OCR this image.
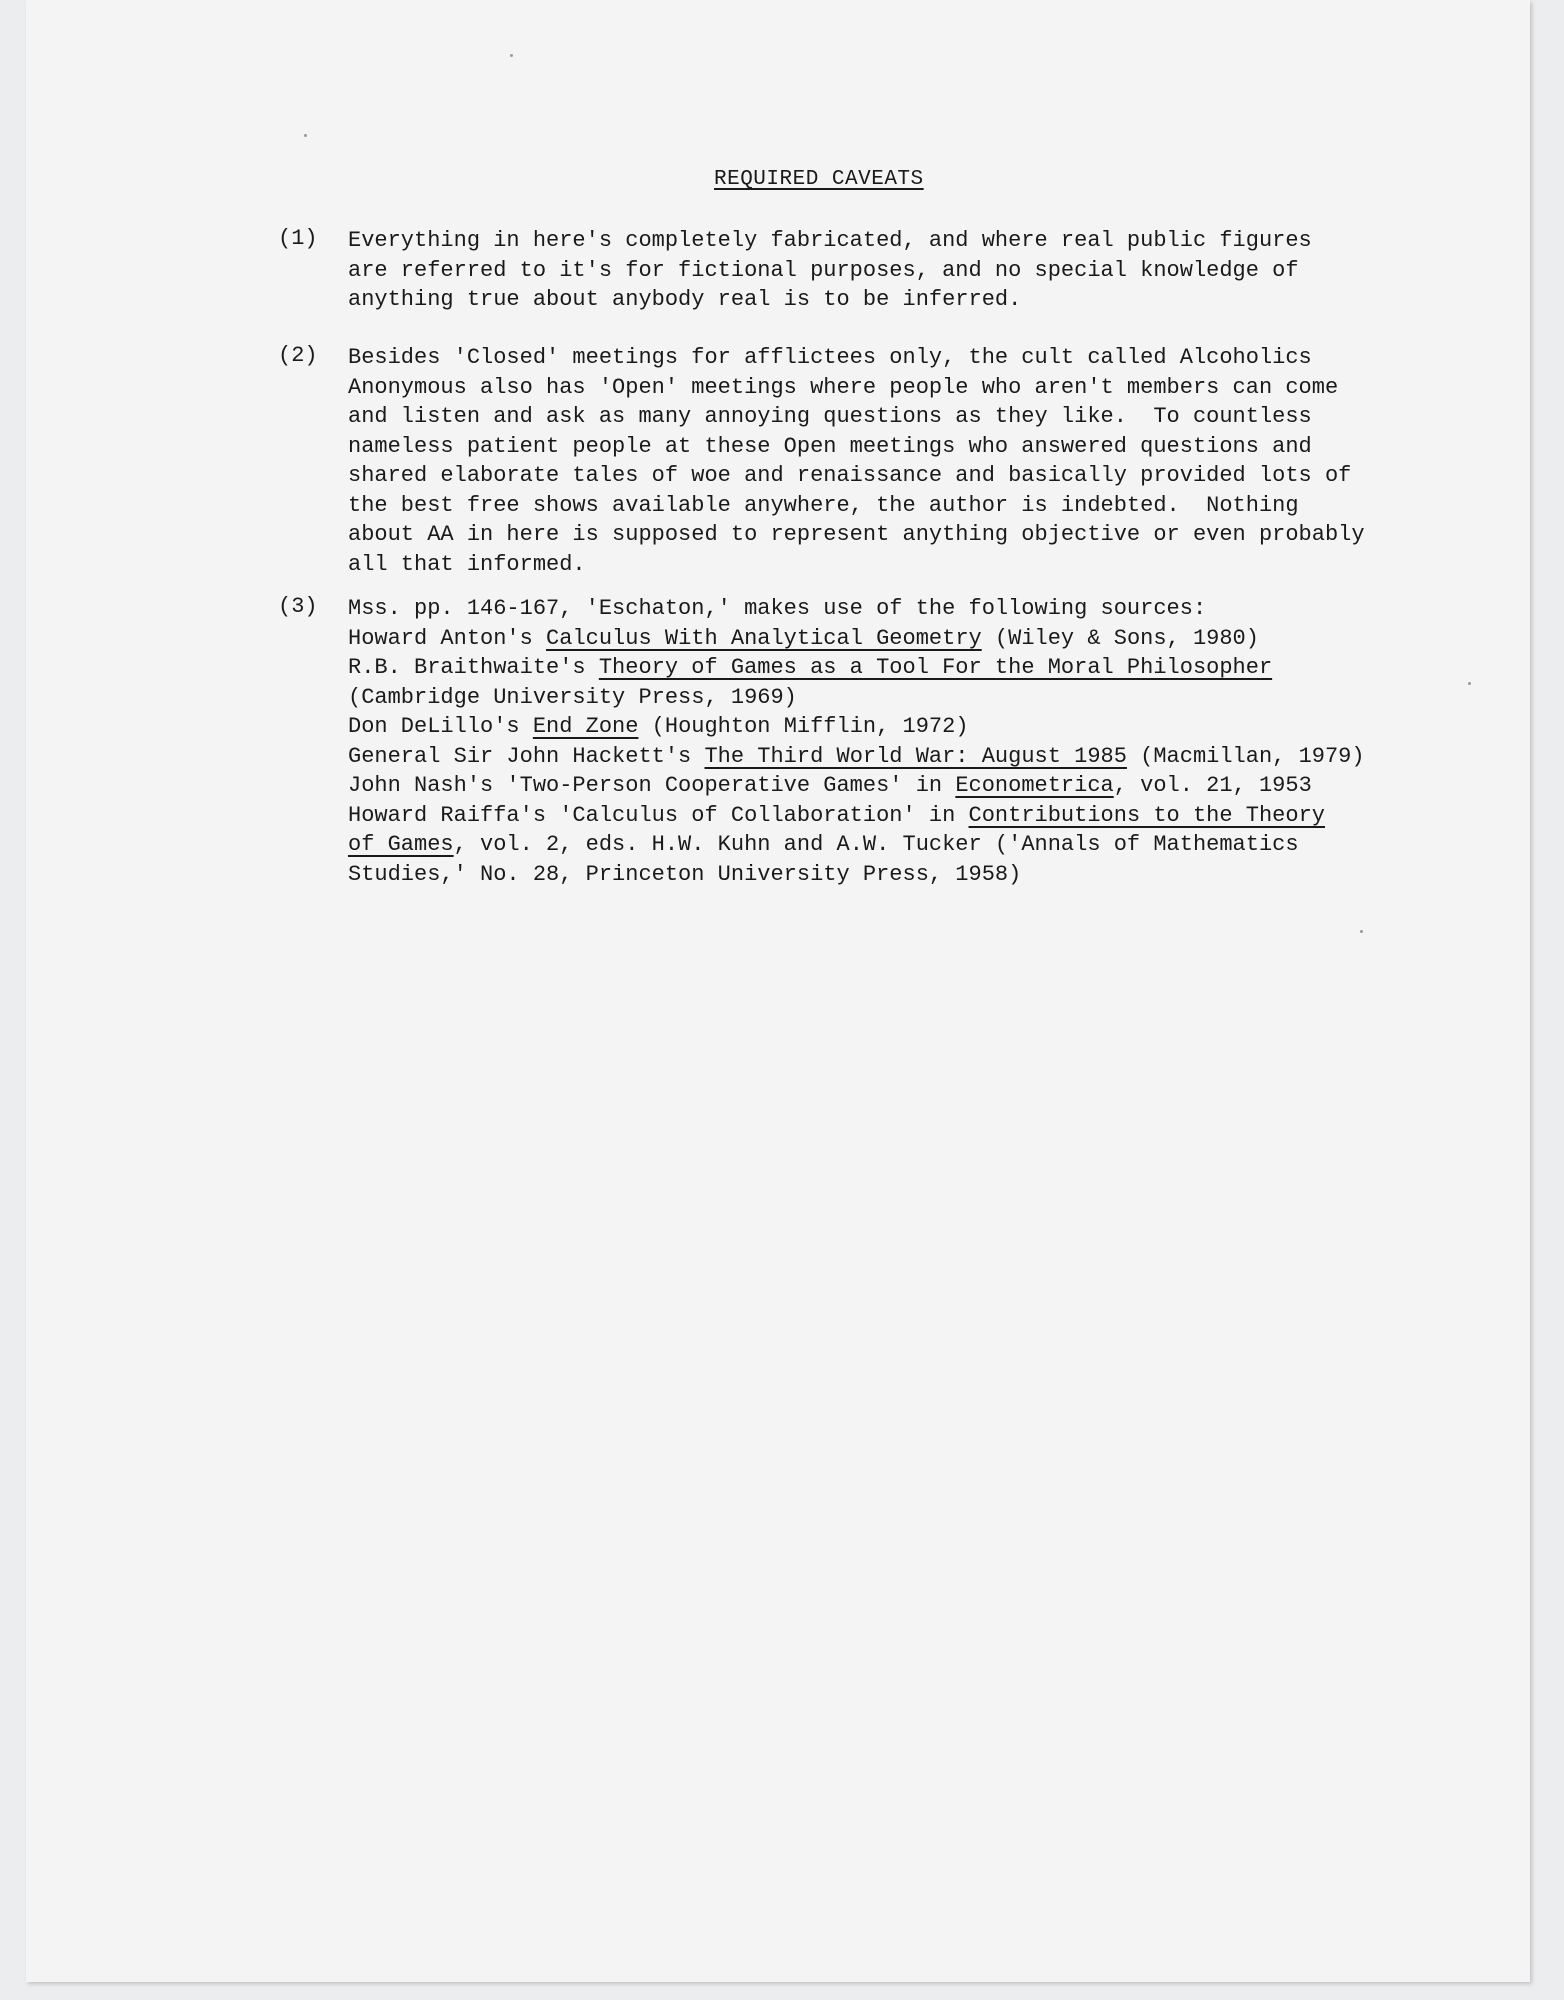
REQUIRED CAVEATS
(1)	Everything in here's completely fabricated, and where real public figures
are referred to it's for fictional purposes, and no special knowledge of
anything true about anybody real is to be inferred.
(2)	Besides 'Closed' meetings for afflictees only, the cult called Alcoholics
Anonymous also has 'Open' meetings where people who aren't members can come
and listen and ask as many annoying questions as they like.  To countless
nameless patient people at these Open meetings who answered questions and
shared elaborate tales of woe and renaissance and basically provided lots of
the best free shows available anywhere, the author is indebted.  Nothing
about AA in here is supposed to represent anything objective or even probably
all that informed.
(3)	Mss. pp. 146-167, 'Eschaton,' makes use of the following sources:
Howard Anton's Calculus With Analytical Geometry (Wiley & Sons, 1980)
R.B. Braithwaite's Theory of Games as a Tool For the Moral Philosopher
(Cambridge University Press, 1969)
Don DeLillo's End Zone (Houghton Mifflin, 1972)
General Sir John Hackett's The Third World War: August 1985 (Macmillan, 1979)
John Nash's 'Two-Person Cooperative Games' in Econometrica, vol. 21, 1953
Howard Raiffa's 'Calculus of Collaboration' in Contributions to the Theory
of Games, vol. 2, eds. H.W. Kuhn and A.W. Tucker ('Annals of Mathematics
Studies,' No. 28, Princeton University Press, 1958)
